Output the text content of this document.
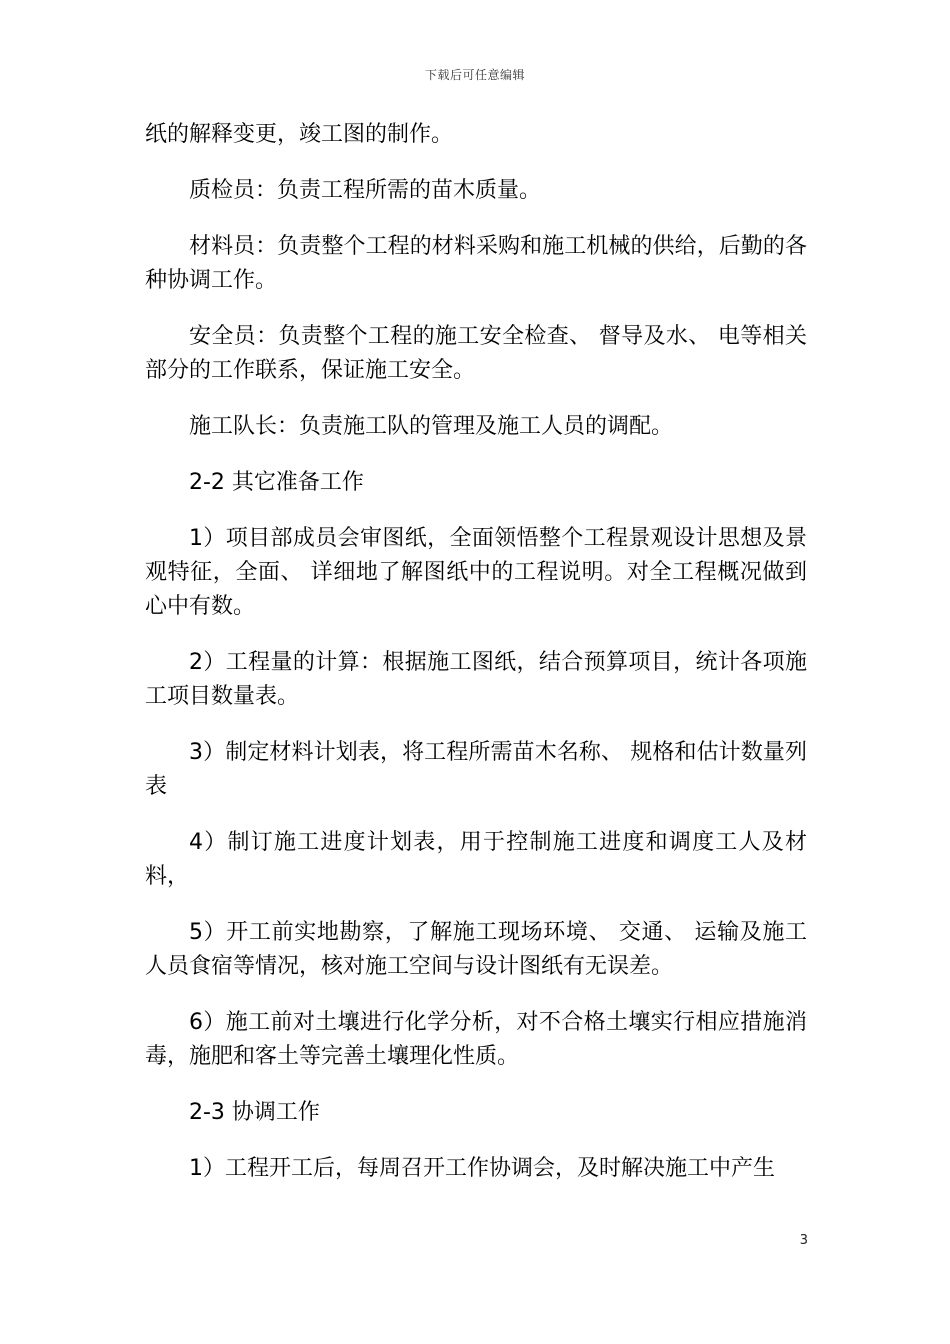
下载后可任意编辑

纸的解释变更，竣工图的制作。

质检员：负责工程所需的苗木质量。

材料员：负责整个工程的材料采购和施工机械的供给，后勤的各种协调工作。

安全员：负责整个工程的施工安全检查、 督导及水、 电等相关部分的工作联系，保证施工安全。

施工队长：负责施工队的管理及施工人员的调配。

2-2 其它准备工作

1）项目部成员会审图纸，全面领悟整个工程景观设计思想及景观特征，全面、 详细地了解图纸中的工程说明。对全工程概况做到心中有数。

2）工程量的计算：根据施工图纸，结合预算项目，统计各项施工项目数量表。

3）制定材料计划表，将工程所需苗木名称、 规格和估计数量列表

4）制订施工进度计划表，用于控制施工进度和调度工人及材料，

5）开工前实地勘察，了解施工现场环境、 交通、 运输及施工人员食宿等情况，核对施工空间与设计图纸有无误差。

6）施工前对土壤进行化学分析，对不合格土壤实行相应措施消毒，施肥和客土等完善土壤理化性质。

2-3 协调工作

1）工程开工后，每周召开工作协调会，及时解决施工中产生

3
